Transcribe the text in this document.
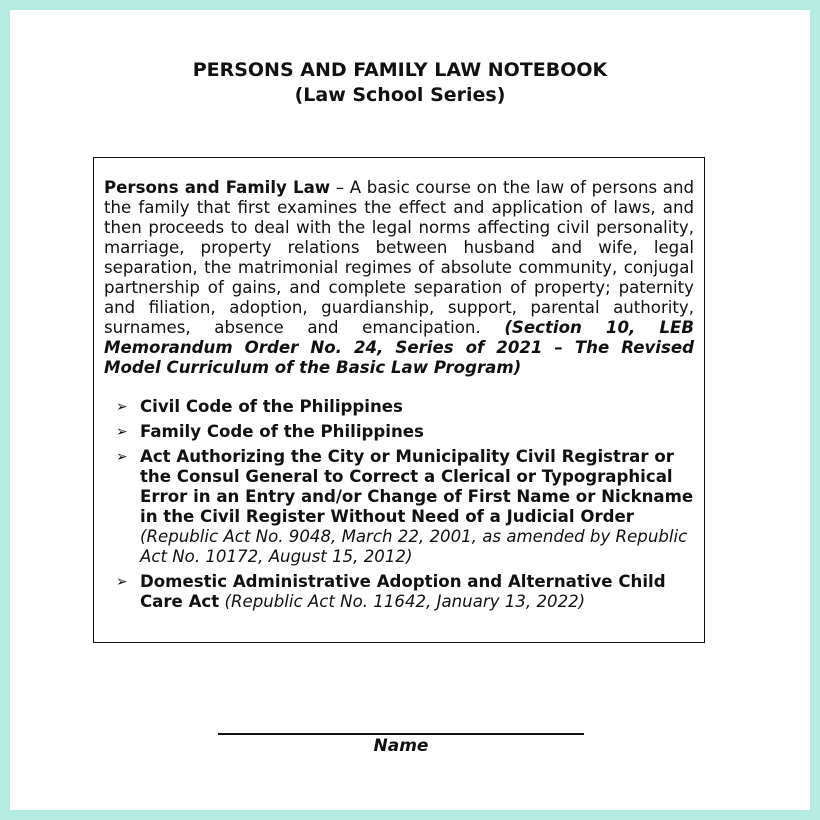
PERSONS AND FAMILY LAW NOTEBOOK
(Law School Series)

Persons and Family Law – A basic course on the law of persons and the family that first examines the effect and application of laws, and then proceeds to deal with the legal norms affecting civil personality, marriage, property relations between husband and wife, legal separation, the matrimonial regimes of absolute community, conjugal partnership of gains, and complete separation of property; paternity and filiation, adoption, guardianship, support, parental authority, surnames, absence and emancipation. (Section 10, LEB Memorandum Order No. 24, Series of 2021 – The Revised Model Curriculum of the Basic Law Program)

➢ Civil Code of the Philippines
➢ Family Code of the Philippines
➢ Act Authorizing the City or Municipality Civil Registrar or the Consul General to Correct a Clerical or Typographical Error in an Entry and/or Change of First Name or Nickname in the Civil Register Without Need of a Judicial Order
(Republic Act No. 9048, March 22, 2001, as amended by Republic Act No. 10172, August 15, 2012)
➢ Domestic Administrative Adoption and Alternative Child Care Act (Republic Act No. 11642, January 13, 2022)
Name
